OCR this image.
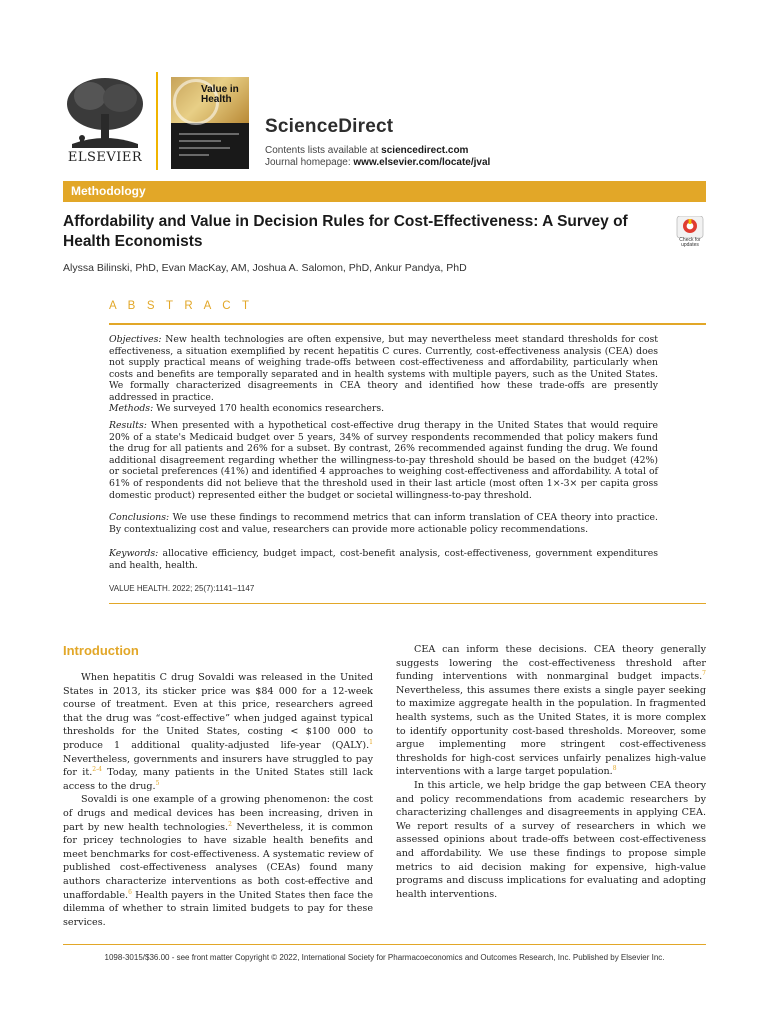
ELSEVIER
Value in
Health
ScienceDirect
Contents lists available at sciencedirect.com
Journal homepage: www.elsevier.com/locate/jval
Methodology
Affordability and Value in Decision Rules for Cost-Effectiveness: A Survey of Health Economists	Check for updates
Alyssa Bilinski, PhD, Evan MacKay, AM, Joshua A. Salomon, PhD, Ankur Pandya, PhD
A B S T R A C T
Objectives: New health technologies are often expensive, but may nevertheless meet standard thresholds for cost effectiveness, a situation exemplified by recent hepatitis C cures. Currently, cost-effectiveness analysis (CEA) does not supply practical means of weighing trade-offs between cost-effectiveness and affordability, particularly when costs and benefits are temporally separated and in health systems with multiple payers, such as the United States. We formally characterized disagreements in CEA theory and identified how these trade-offs are presently addressed in practice.
Methods: We surveyed 170 health economics researchers.
Results: When presented with a hypothetical cost-effective drug therapy in the United States that would require 20% of a state's Medicaid budget over 5 years, 34% of survey respondents recommended that policy makers fund the drug for all patients and 26% for a subset. By contrast, 26% recommended against funding the drug. We found additional disagreement regarding whether the willingness-to-pay threshold should be based on the budget (42%) or societal preferences (41%) and identified 4 approaches to weighing cost-effectiveness and affordability. A total of 61% of respondents did not believe that the threshold used in their last article (most often 1×-3× per capita gross domestic product) represented either the budget or societal willingness-to-pay threshold.
Conclusions: We use these findings to recommend metrics that can inform translation of CEA theory into practice. By contextualizing cost and value, researchers can provide more actionable policy recommendations.
Keywords: allocative efficiency, budget impact, cost-benefit analysis, cost-effectiveness, government expenditures and health, health.
VALUE HEALTH. 2022; 25(7):1141–1147
Introduction

When hepatitis C drug Sovaldi was released in the United States in 2013, its sticker price was $84 000 for a 12-week course of treatment. Even at this price, researchers agreed that the drug was “cost-effective” when judged against typical thresholds for the United States, costing < $100 000 to produce 1 additional quality-adjusted life-year (QALY).$^1$ Nevertheless, governments and insurers have struggled to pay for it.$^{2-4}$ Today, many patients in the United States still lack access to the drug.$^5$

Sovaldi is one example of a growing phenomenon: the cost of drugs and medical devices has been increasing, driven in part by new health technologies.$^2$ Nevertheless, it is common for pricey technologies to have sizable health benefits and meet benchmarks for cost-effectiveness. A systematic review of published cost-effectiveness analyses (CEAs) found many authors characterize interventions as both cost-effective and unaffordable.$^6$ Health payers in the United States then face the dilemma of whether to strain limited budgets to pay for these services.

CEA can inform these decisions. CEA theory generally suggests lowering the cost-effectiveness threshold after funding interventions with nonmarginal budget impacts.$^7$ Nevertheless, this assumes there exists a single payer seeking to maximize aggregate health in the population. In fragmented health systems, such as the United States, it is more complex to identify opportunity cost-based thresholds. Moreover, some argue implementing more stringent cost-effectiveness thresholds for high-cost services unfairly penalizes high-value interventions with a large target population.$^8$

In this article, we help bridge the gap between CEA theory and policy recommendations from academic researchers by characterizing challenges and disagreements in applying CEA. We report results of a survey of researchers in which we assessed opinions about trade-offs between cost-effectiveness and affordability. We use these findings to propose simple metrics to aid decision making for expensive, high-value programs and discuss implications for evaluating and adopting health interventions.

1098-3015/$36.00 - see front matter Copyright © 2022, International Society for Pharmacoeconomics and Outcomes Research, Inc. Published by Elsevier Inc.
